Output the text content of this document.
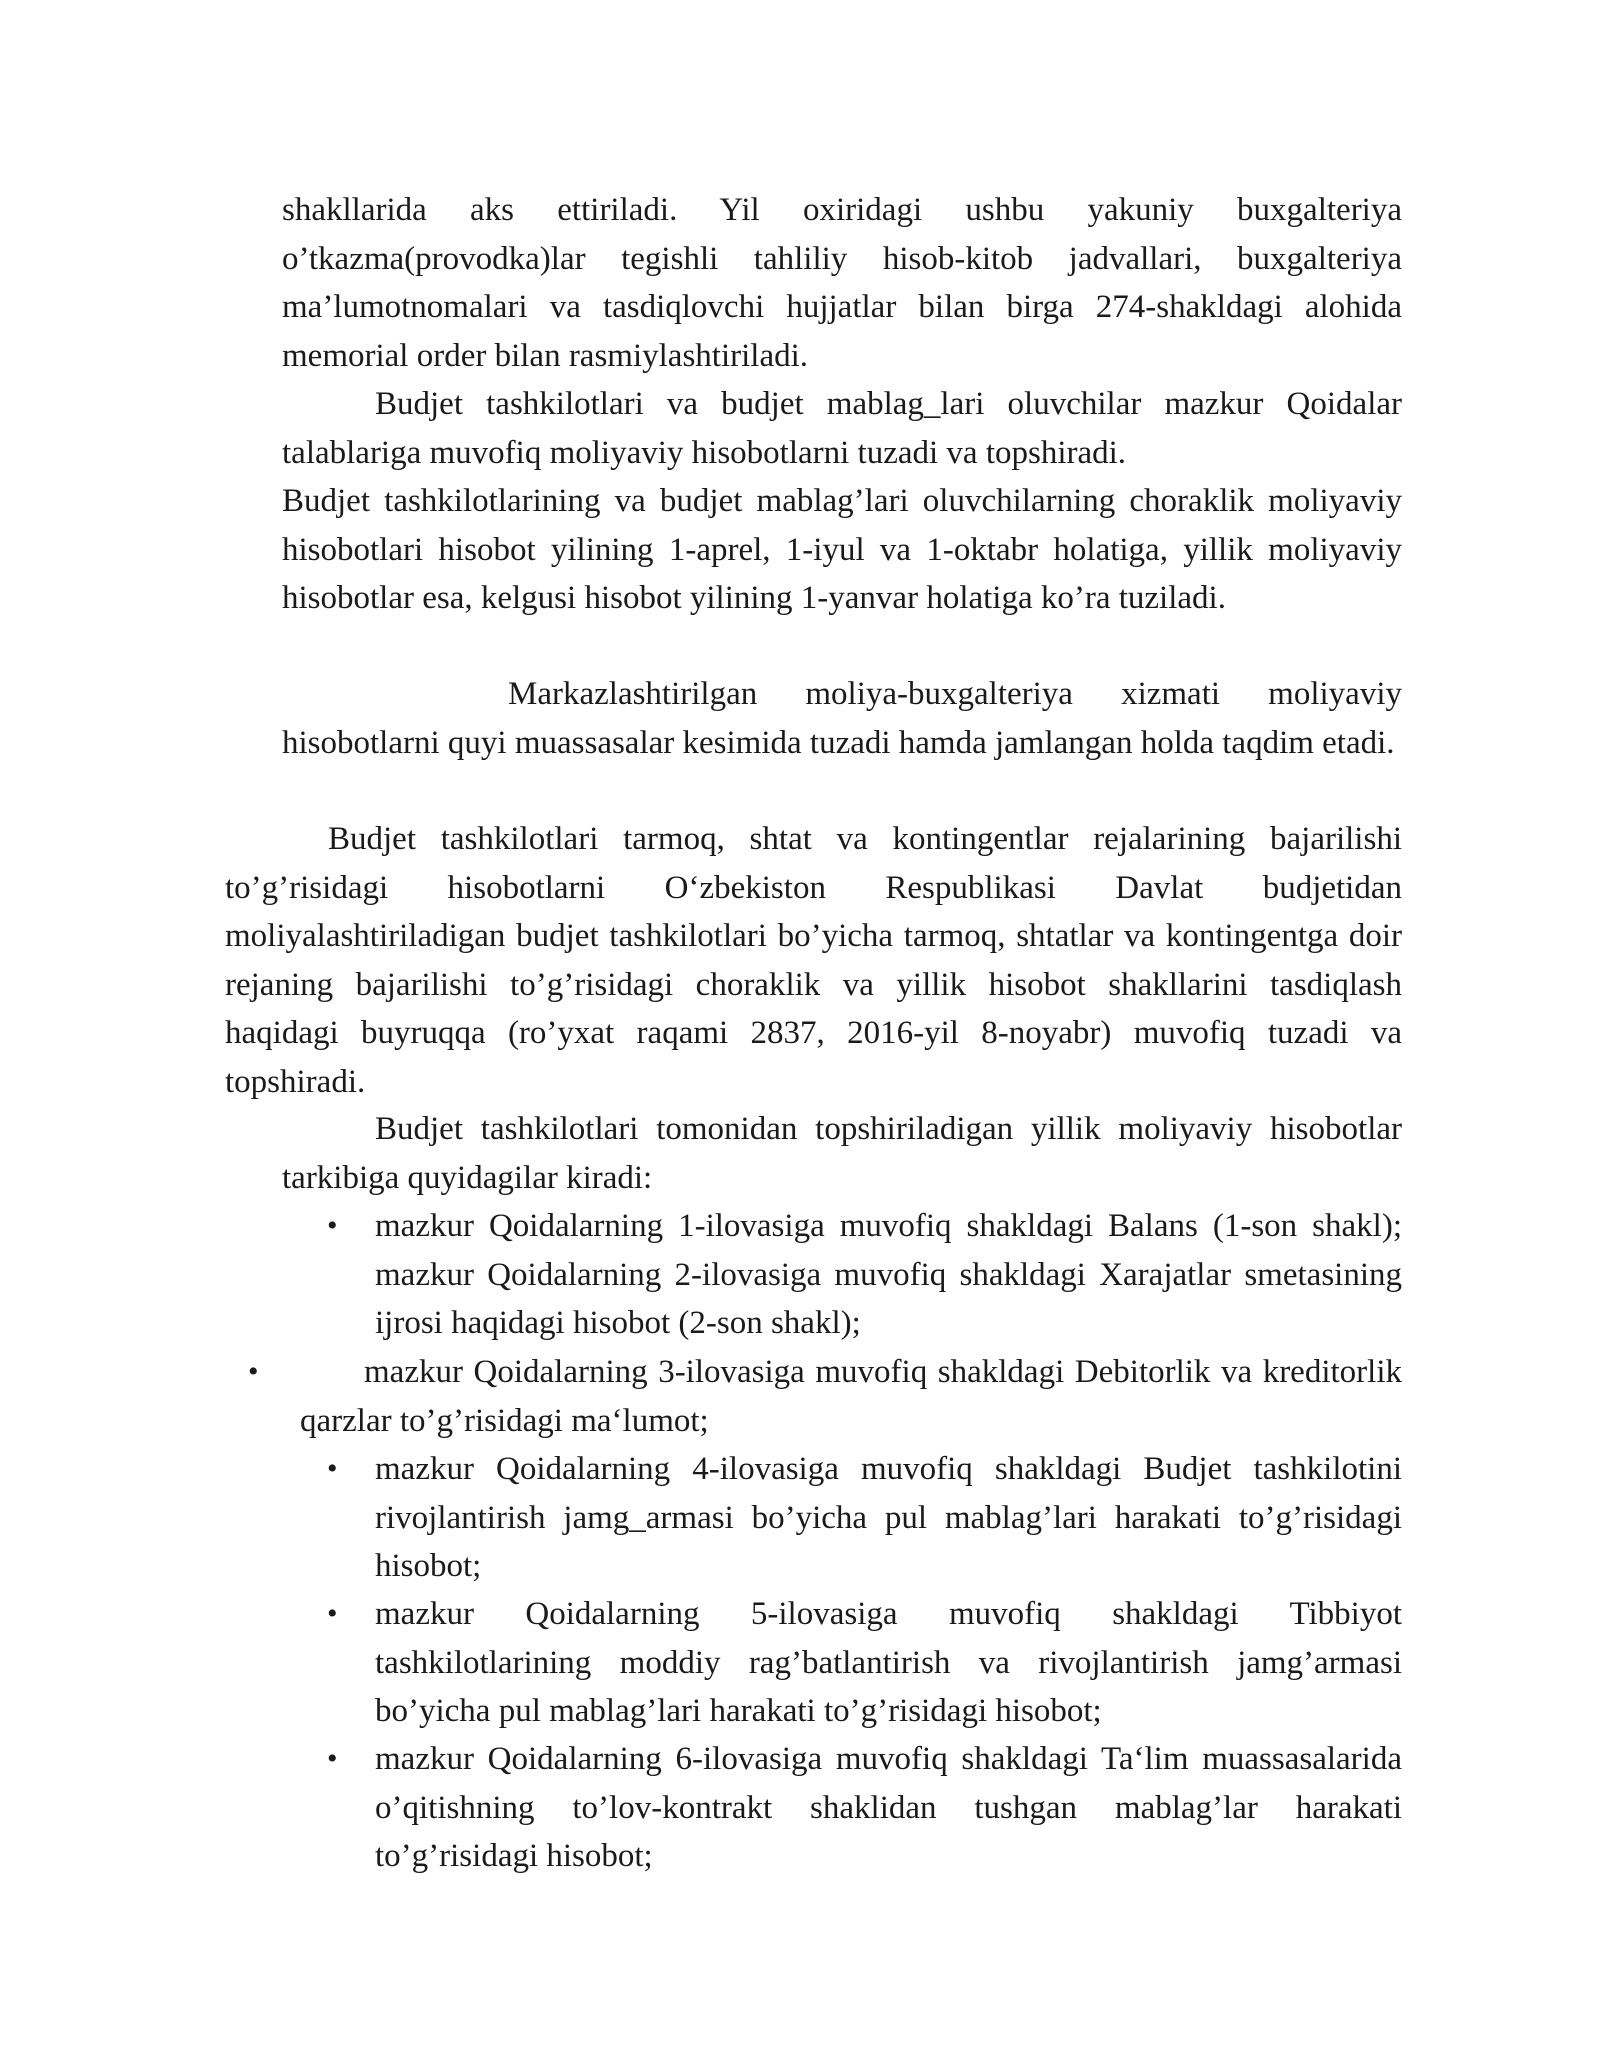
shakllarida aks ettiriladi. Yil oxiridagi ushbu yakuniy buxgalteriya o’tkazma(provodka)lar tegishli tahliliy hisob-kitob jadvallari, buxgalteriya ma’lumotnomalari va tasdiqlovchi hujjatlar bilan birga 274-shakldagi alohida memorial order bilan rasmiylashtiriladi.
Budjet tashkilotlari va budjet mablag_lari oluvchilar mazkur Qoidalar talablariga muvofiq moliyaviy hisobotlarni tuzadi va topshiradi.
Budjet tashkilotlarining va budjet mablag’lari oluvchilarning choraklik moliyaviy hisobotlari hisobot yilining 1-aprel, 1-iyul va 1-oktabr holatiga, yillik moliyaviy hisobotlar esa, kelgusi hisobot yilining 1-yanvar holatiga ko’ra tuziladi.
Markazlashtirilgan moliya-buxgalteriya xizmati moliyaviy hisobotlarni quyi muassasalar kesimida tuzadi hamda jamlangan holda taqdim etadi.
Budjet tashkilotlari tarmoq, shtat va kontingentlar rejalarining bajarilishi to’g’risidagi hisobotlarni O‘zbekiston Respublikasi Davlat budjetidan moliyalashtiriladigan budjet tashkilotlari bo’yicha tarmoq, shtatlar va kontingentga doir rejaning bajarilishi to’g’risidagi choraklik va yillik hisobot shakllarini tasdiqlash haqidagi buyruqqa (ro’yxat raqami 2837, 2016-yil 8-noyabr) muvofiq tuzadi va topshiradi.
Budjet tashkilotlari tomonidan topshiriladigan yillik moliyaviy hisobotlar tarkibiga quyidagilar kiradi:
• mazkur Qoidalarning 1-ilovasiga muvofiq shakldagi Balans (1-son shakl); mazkur Qoidalarning 2-ilovasiga muvofiq shakldagi Xarajatlar smetasining ijrosi haqidagi hisobot (2-son shakl);
•	mazkur Qoidalarning 3-ilovasiga muvofiq shakldagi Debitorlik va kreditorlik qarzlar to’g’risidagi ma‘lumot;
• mazkur Qoidalarning 4-ilovasiga muvofiq shakldagi Budjet tashkilotini rivojlantirish jamg_armasi bo’yicha pul mablag’lari harakati to’g’risidagi hisobot;
• mazkur Qoidalarning 5-ilovasiga muvofiq shakldagi Tibbiyot tashkilotlarining moddiy rag’batlantirish va rivojlantirish jamg’armasi bo’yicha pul mablag’lari harakati to’g’risidagi hisobot;
• mazkur Qoidalarning 6-ilovasiga muvofiq shakldagi Ta‘lim muassasalarida o’qitishning to’lov-kontrakt shaklidan tushgan mablag’lar harakati to’g’risidagi hisobot;
